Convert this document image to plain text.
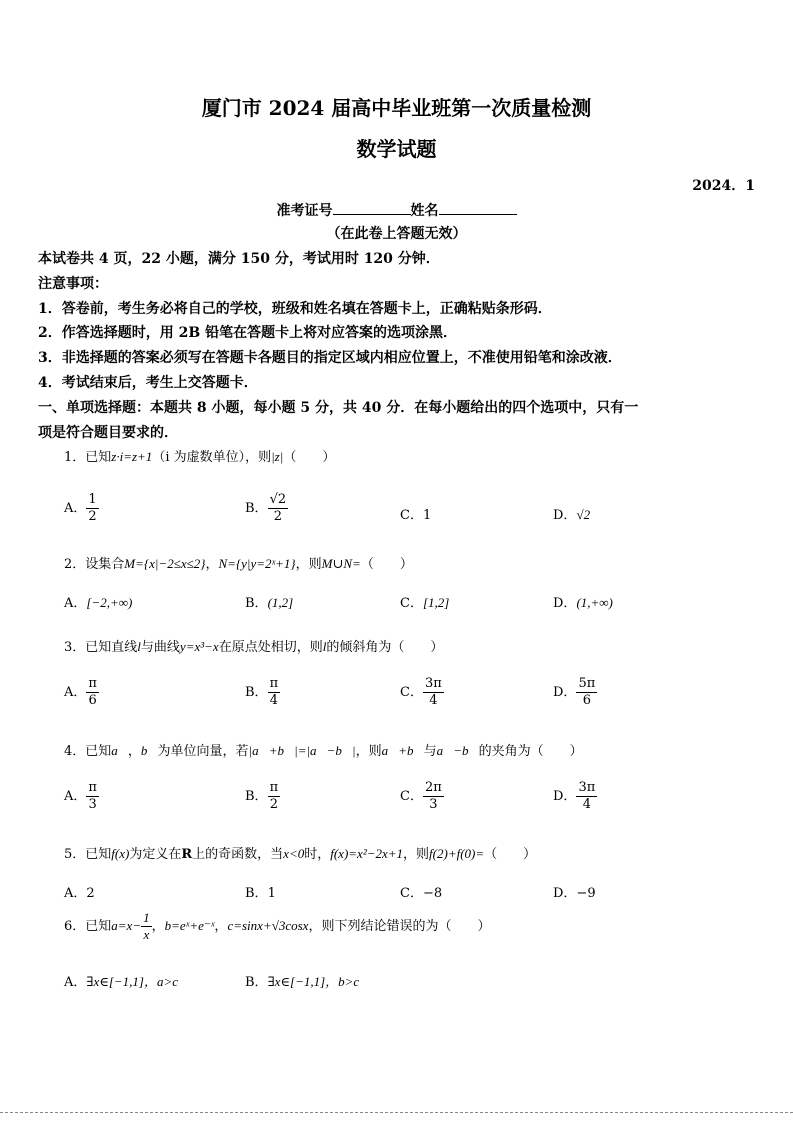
厦门市 2024 届高中毕业班第一次质量检测
数学试题
2024．1
准考证号	姓名
（在此卷上答题无效）
本试卷共 4 页，22 小题，满分 150 分，考试用时 120 分钟．
注意事项：
1．答卷前，考生务必将自己的学校，班级和姓名填在答题卡上，正确粘贴条形码．
2．作答选择题时，用 2B 铅笔在答题卡上将对应答案的选项涂黑．
3．非选择题的答案必须写在答题卡各题目的指定区域内相应位置上，不准使用铅笔和涂改液．
4．考试结束后，考生上交答题卡．
一、单项选择题：本题共 8 小题，每小题 5 分，共 40 分．在每小题给出的四个选项中，只有一
项是符合题目要求的．
1．已知z·i=z+1（i 为虚数单位），则|z|（　　）
A． $\frac{1}{2}$	B． $\frac{√2}{2}$	C．1	D．√2
2．设集合M={x|−2≤x≤2}，N={y|y=2ˣ+1}，则M∪N=（　　）
A．[−2,+∞)	B．(1,2]	C．[1,2]	D．(1,+∞)
3．已知直线l与曲线y=x³−x在原点处相切，则l的倾斜角为（　　）
A． $\frac{\pi}{6}$	B． $\frac{\pi}{4}$	C． $\frac{3\pi}{4}$	D． $\frac{5\pi}{6}$
4．已知a⃗，b⃗为单位向量，若|a⃗+b⃗|=|a⃗−b⃗|，则a⃗+b⃗与a⃗−b⃗的夹角为（　　）
A． $\frac{\pi}{3}$	B． $\frac{\pi}{2}$	C． $\frac{2\pi}{3}$	D． $\frac{3\pi}{4}$
5．已知f(x)为定义在R上的奇函数，当x<0时，f(x)=x²−2x+1，则f(2)+f(0)=（　　）
A．2	B．1	C．−8	D．−9
6．已知$a=x- \frac{1}{x}$ ，b=eˣ+e⁻ˣ，c=sinx+√3cosx，则下列结论错误的为（　　）
A．∃x∈[−1,1]，a>c	B．∃x∈[−1,1]，b>c
